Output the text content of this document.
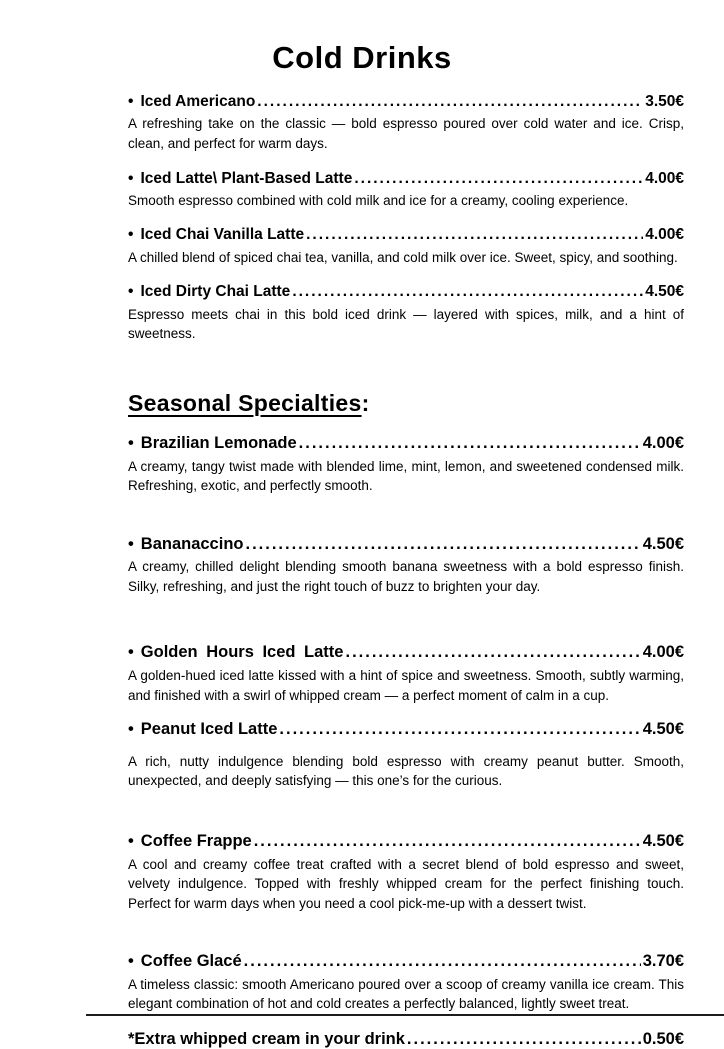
Cold Drinks
• Iced Americano .....	3.50€

A refreshing take on the classic — bold espresso poured over cold water and ice. Crisp, clean, and perfect for warm days.

• Iced Latte\ Plant-Based Latte .....	4.00€

Smooth espresso combined with cold milk and ice for a creamy, cooling experience.

• Iced Chai Vanilla Latte .....	4.00€

A chilled blend of spiced chai tea, vanilla, and cold milk over ice. Sweet, spicy, and soothing.

• Iced Dirty Chai Latte .....	4.50€

Espresso meets chai in this bold iced drink — layered with spices, milk, and a hint of sweetness.

Seasonal Specialties:
• Brazilian Lemonade .....	4.00€

A creamy, tangy twist made with blended lime, mint, lemon, and sweetened condensed milk. Refreshing, exotic, and perfectly smooth.

• Bananaccino .....	4.50€

A creamy, chilled delight blending smooth banana sweetness with a bold espresso finish. Silky, refreshing, and just the right touch of buzz to brighten your day.

• Golden Hours Iced Latte .....	4.00€

A golden-hued iced latte kissed with a hint of spice and sweetness. Smooth, subtly warming, and finished with a swirl of whipped cream — a perfect moment of calm in a cup.

• Peanut Iced Latte .....	4.50€

A rich, nutty indulgence blending bold espresso with creamy peanut butter. Smooth, unexpected, and deeply satisfying — this one’s for the curious.

• Coffee Frappe .....	4.50€

A cool and creamy coffee treat crafted with a secret blend of bold espresso and sweet, velvety indulgence. Topped with freshly whipped cream for the perfect finishing touch. Perfect for warm days when you need a cool pick-me-up with a dessert twist.

• Coffee Glacé .....	3.70€

A timeless classic: smooth Americano poured over a scoop of creamy vanilla ice cream. This elegant combination of hot and cold creates a perfectly balanced, lightly sweet treat.

*Extra whipped cream in your drink .....	0.50€
